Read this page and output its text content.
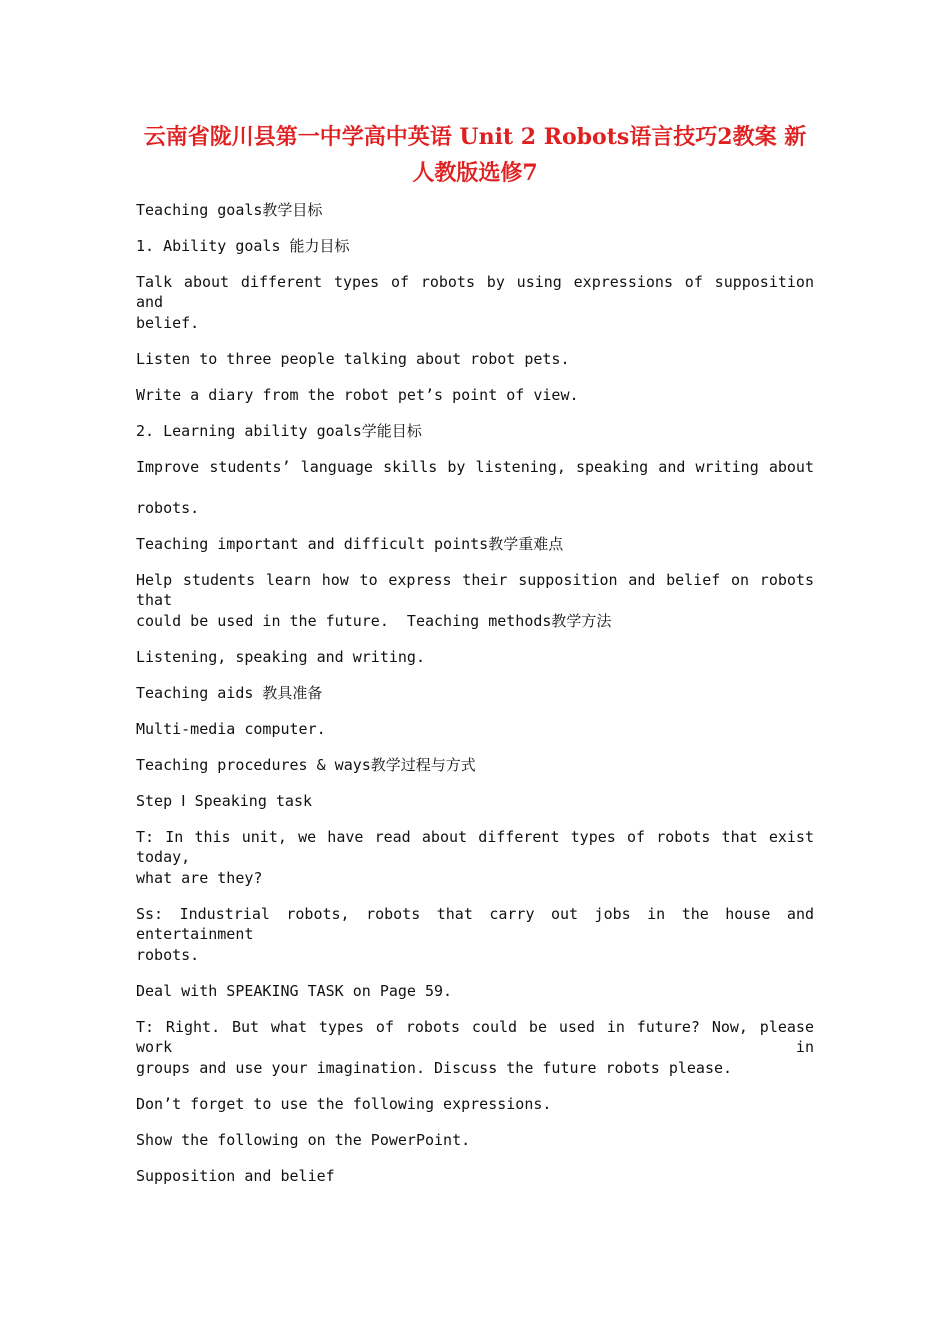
云南省陇川县第一中学高中英语 Unit 2 Robots语言技巧2教案 新
人教版选修7
Teaching goals教学目标
1. Ability goals 能力目标
Talk about different types of robots by using expressions of supposition and
belief.
Listen to three people talking about robot pets.
Write a diary from the robot pet’s point of view.
2. Learning ability goals学能目标
Improve students’ language skills by listening, speaking and writing about
robots.
Teaching important and difficult points教学重难点
Help students learn how to express their supposition and belief on robots that
could be used in the future.  Teaching methods教学方法
Listening, speaking and writing.
Teaching aids 教具准备
Multi-media computer.
Teaching procedures & ways教学过程与方式
Step Ⅰ Speaking task
T: In this unit, we have read about different types of robots that exist today,
what are they?
Ss: Industrial robots, robots that carry out jobs in the house and entertainment
robots.
Deal with SPEAKING TASK on Page 59.
T: Right. But what types of robots could be used in future? Now, please work in
groups and use your imagination. Discuss the future robots please.
Don’t forget to use the following expressions.
Show the following on the PowerPoint.
Supposition and belief
